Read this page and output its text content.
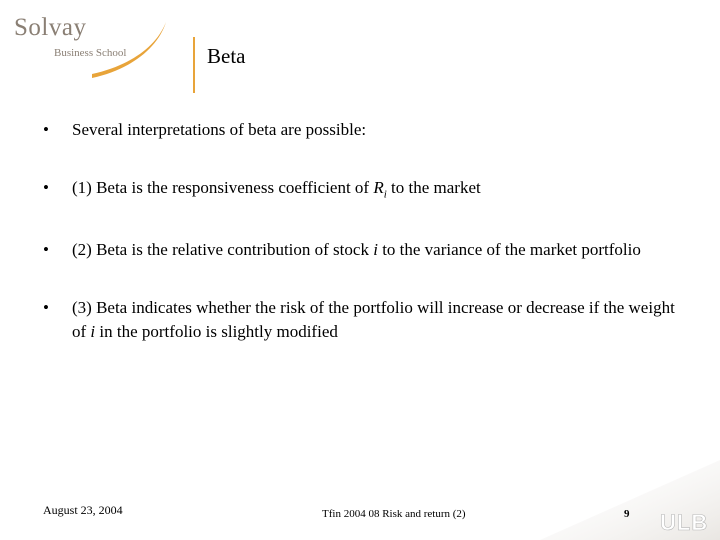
Solvay
Business School	Beta
• Several interpretations of beta are possible:
• (1) Beta is the responsiveness coefficient of $R_i$ to the market
• (2) Beta is the relative contribution of stock i to the variance of the market portfolio
• (3) Beta indicates whether the risk of the portfolio will increase or decrease if the weight of i in the portfolio is slightly modified
August 23, 2004	Tfin 2004 08 Risk and return (2)	9 ULB
